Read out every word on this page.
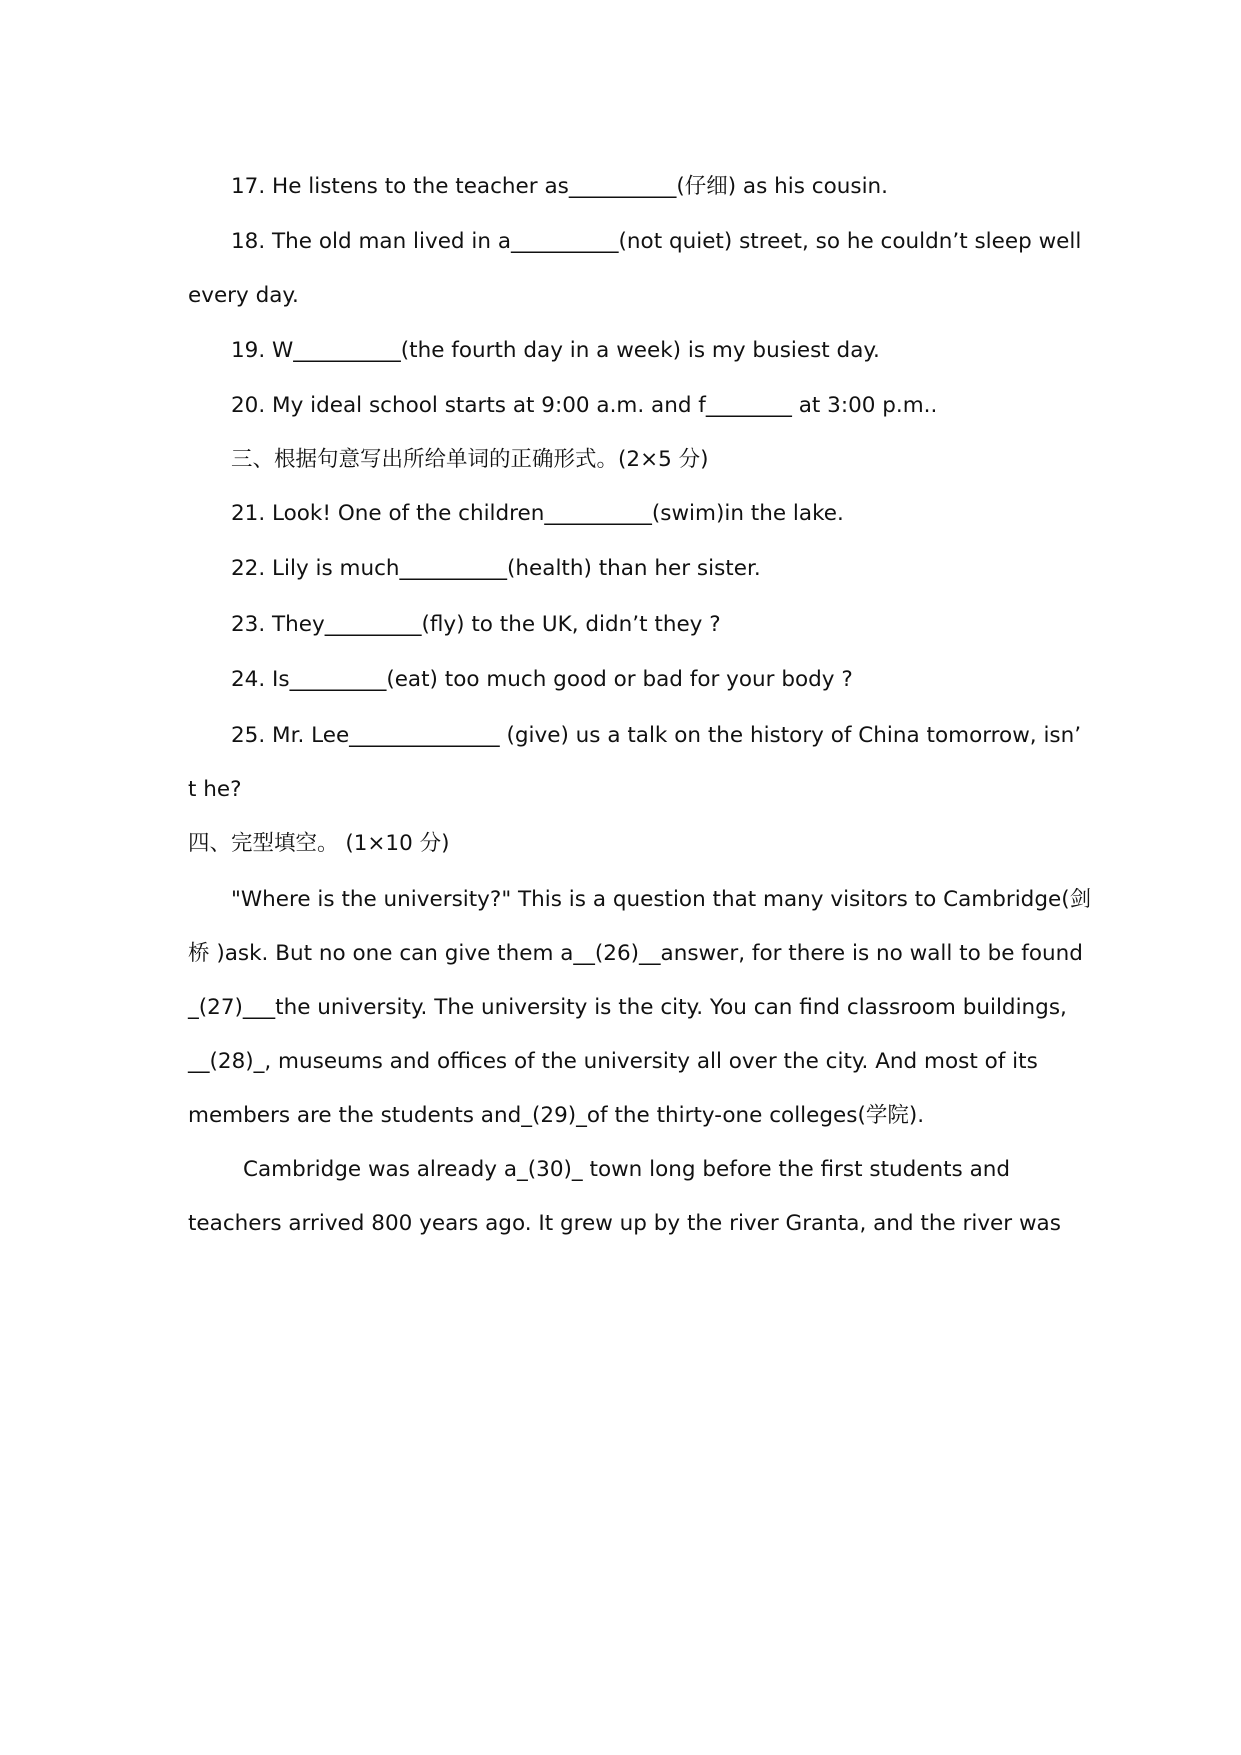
17. He listens to the teacher as__________(仔细) as his cousin.
18. The old man lived in a__________(not quiet) street, so he couldn’t sleep well
every day.
19. W__________(the fourth day in a week) is my busiest day.
20. My ideal school starts at 9:00 a.m. and f________ at 3:00 p.m..
三、根据句意写出所给单词的正确形式。(2×5 分)
21. Look! One of the children__________(swim)in the lake.
22. Lily is much__________(health) than her sister.
23. They_________(fly) to the UK, didn’t they ?
24. Is_________(eat) too much good or bad for your body ?
25. Mr. Lee______________ (give) us a talk on the history of China tomorrow, isn’
t he?
四、完型填空。 (1×10 分)
"Where is the university?" This is a question that many visitors to Cambridge(剑
桥 )ask. But no one can give them a__(26)__answer, for there is no wall to be found
_(27)___the university. The university is the city. You can find classroom buildings,
__(28)_, museums and offices of the university all over the city. And most of its
members are the students and_(29)_of the thirty-one colleges(学院).
Cambridge was already a_(30)_ town long before the first students and
teachers arrived 800 years ago. It grew up by the river Granta, and the river was
